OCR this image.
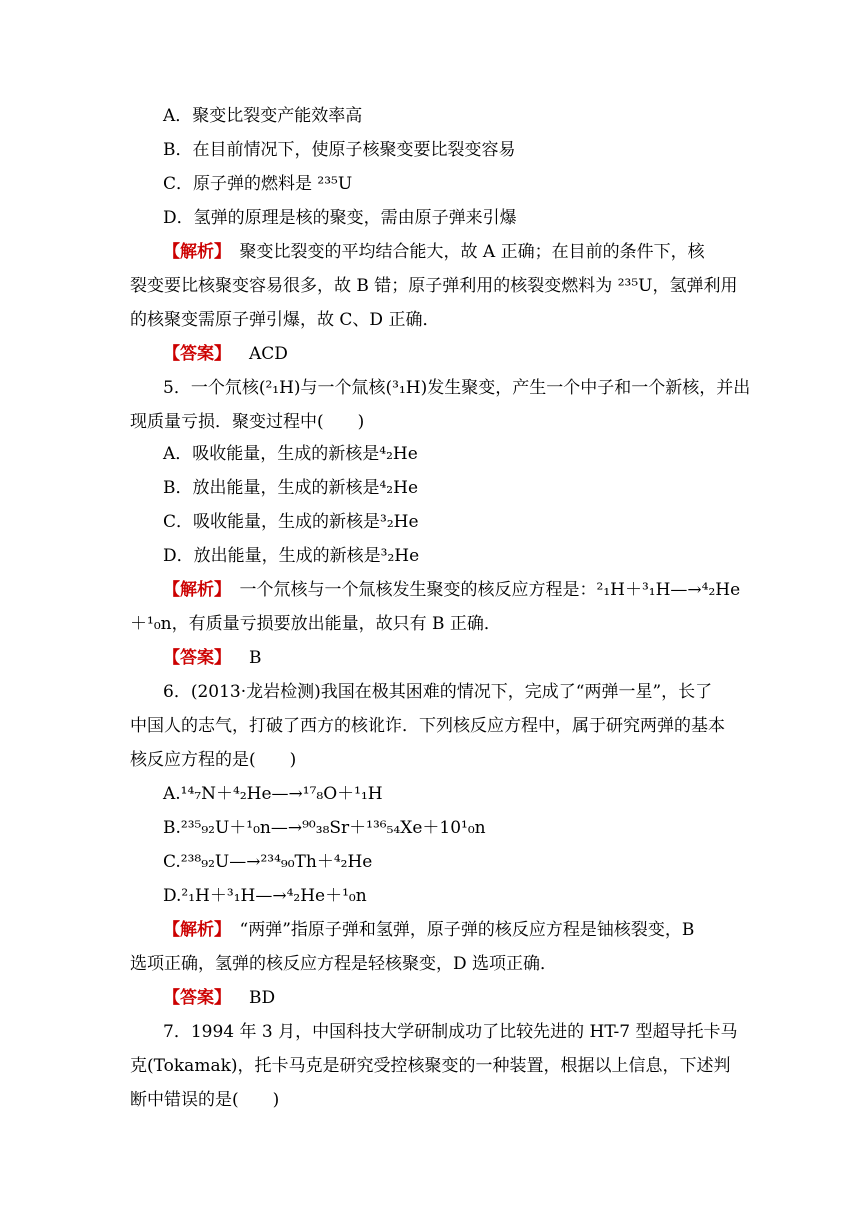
A．聚变比裂变产能效率高
B．在目前情况下，使原子核聚变要比裂变容易
C．原子弹的燃料是 ²³⁵U
D．氢弹的原理是核的聚变，需由原子弹来引爆
【解析】　聚变比裂变的平均结合能大，故 A 正确；在目前的条件下，核
裂变要比核聚变容易很多，故 B 错；原子弹利用的核裂变燃料为 ²³⁵U，氢弹利用
的核聚变需原子弹引爆，故 C、D 正确．
【答案】 ACD
5．一个氘核(²₁H)与一个氚核(³₁H)发生聚变，产生一个中子和一个新核，并出
现质量亏损．聚变过程中(　　)
A．吸收能量，生成的新核是⁴₂He
B．放出能量，生成的新核是⁴₂He
C．吸收能量，生成的新核是³₂He
D．放出能量，生成的新核是³₂He
【解析】　一个氘核与一个氚核发生聚变的核反应方程是：²₁H＋³₁H—→⁴₂He
＋¹₀n，有质量亏损要放出能量，故只有 B 正确．
【答案】 B
6．(2013·龙岩检测)我国在极其困难的情况下，完成了“两弹一星”，长了
中国人的志气，打破了西方的核讹诈．下列核反应方程中，属于研究两弹的基本
核反应方程的是(　　)
A.¹⁴₇N＋⁴₂He—→¹⁷₈O＋¹₁H
B.²³⁵₉₂U＋¹₀n—→⁹⁰₃₈Sr＋¹³⁶₅₄Xe＋10¹₀n
C.²³⁸₉₂U—→²³⁴₉₀Th＋⁴₂He
D.²₁H＋³₁H—→⁴₂He＋¹₀n
【解析】　“两弹”指原子弹和氢弹，原子弹的核反应方程是铀核裂变，B
选项正确，氢弹的核反应方程是轻核聚变，D 选项正确．
【答案】 BD
7．1994 年 3 月，中国科技大学研制成功了比较先进的 HT-7 型超导托卡马
克(Tokamak)，托卡马克是研究受控核聚变的一种装置，根据以上信息，下述判
断中错误的是(　　)
